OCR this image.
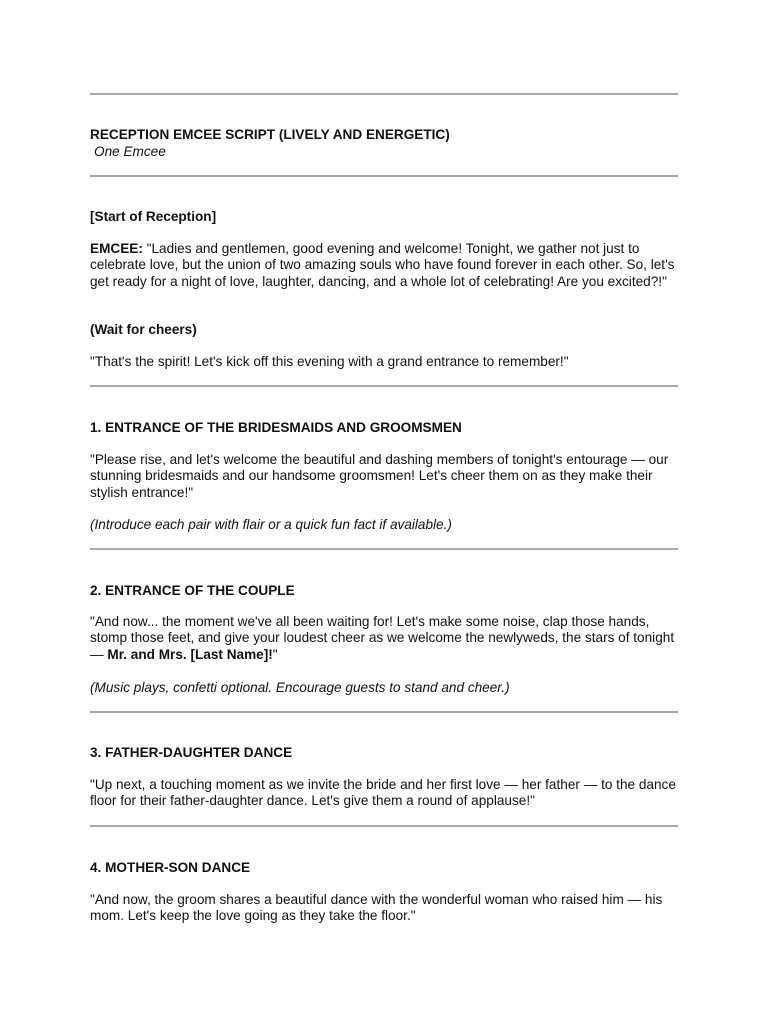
RECEPTION EMCEE SCRIPT (LIVELY AND ENERGETIC)

One Emcee

[Start of Reception]

EMCEE: "Ladies and gentlemen, good evening and welcome! Tonight, we gather not just to celebrate love, but the union of two amazing souls who have found forever in each other. So, let's get ready for a night of love, laughter, dancing, and a whole lot of celebrating! Are you excited?!"

(Wait for cheers)

"That's the spirit! Let's kick off this evening with a grand entrance to remember!"

1. ENTRANCE OF THE BRIDESMAIDS AND GROOMSMEN

"Please rise, and let's welcome the beautiful and dashing members of tonight's entourage — our stunning bridesmaids and our handsome groomsmen! Let's cheer them on as they make their stylish entrance!"

(Introduce each pair with flair or a quick fun fact if available.)

2. ENTRANCE OF THE COUPLE

"And now... the moment we've all been waiting for! Let's make some noise, clap those hands, stomp those feet, and give your loudest cheer as we welcome the newlyweds, the stars of tonight — Mr. and Mrs. [Last Name]!"

(Music plays, confetti optional. Encourage guests to stand and cheer.)

3. FATHER-DAUGHTER DANCE

"Up next, a touching moment as we invite the bride and her first love — her father — to the dance floor for their father-daughter dance. Let's give them a round of applause!"

4. MOTHER-SON DANCE

"And now, the groom shares a beautiful dance with the wonderful woman who raised him — his mom. Let's keep the love going as they take the floor."
